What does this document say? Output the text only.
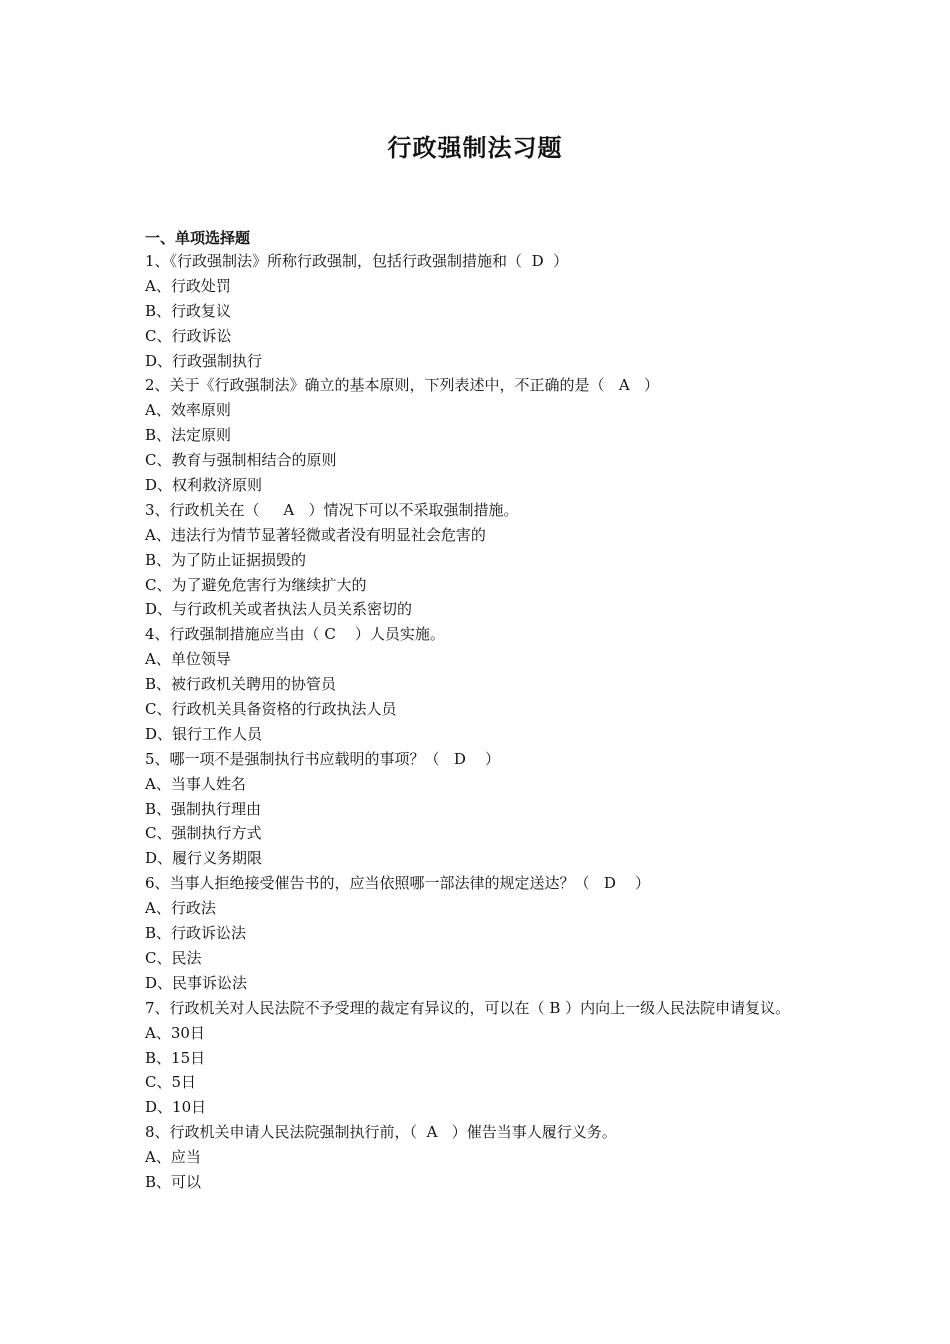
行政强制法习题
一、单项选择题
1、《行政强制法》所称行政强制，包括行政强制措施和（  D  ）
A、行政处罚
B、行政复议
C、行政诉讼
D、行政强制执行
2、关于《行政强制法》确立的基本原则，下列表述中，不正确的是（   A   ）
A、效率原则
B、法定原则
C、教育与强制相结合的原则
D、权利救济原则
3、行政机关在（     A   ）情况下可以不采取强制措施。
A、违法行为情节显著轻微或者没有明显社会危害的
B、为了防止证据损毁的
C、为了避免危害行为继续扩大的
D、与行政机关或者执法人员关系密切的
4、行政强制措施应当由（ C    ）人员实施。
A、单位领导
B、被行政机关聘用的协管员
C、行政机关具备资格的行政执法人员
D、银行工作人员
5、哪一项不是强制执行书应载明的事项？（   D    ）
A、当事人姓名
B、强制执行理由
C、强制执行方式
D、履行义务期限
6、当事人拒绝接受催告书的，应当依照哪一部法律的规定送达？（   D    ）
A、行政法
B、行政诉讼法
C、民法
D、民事诉讼法
7、行政机关对人民法院不予受理的裁定有异议的，可以在（ B ）内向上一级人民法院申请复议。
A、30日
B、15日
C、5日
D、10日
8、行政机关申请人民法院强制执行前，（  A   ）催告当事人履行义务。
A、应当
B、可以
